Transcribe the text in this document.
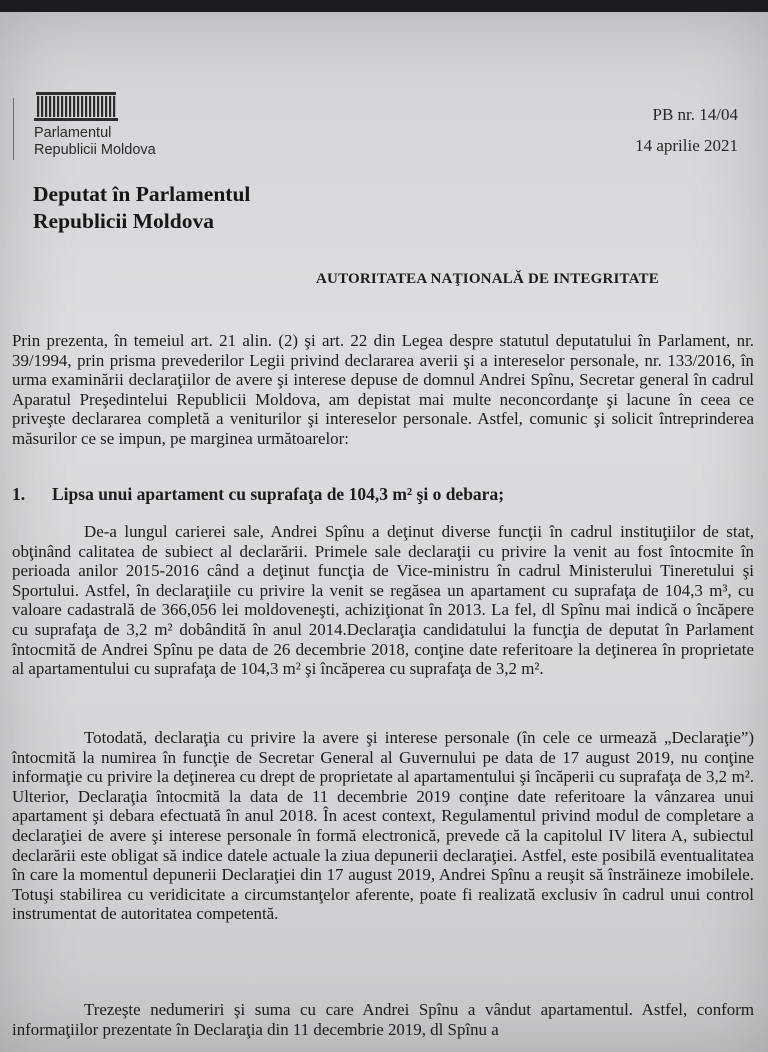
Parlamentul
Republicii Moldova
PB nr. 14/04
14 aprilie 2021
Deputat în Parlamentul
Republicii Moldova
AUTORITATEA NAŢIONALĂ DE INTEGRITATE

Prin prezenta, în temeiul art. 21 alin. (2) şi art. 22 din Legea despre statutul deputatului în Parlament, nr. 39/1994, prin prisma prevederilor Legii privind declararea averii şi a intereselor personale, nr. 133/2016, în urma examinării declaraţiilor de avere şi interese depuse de domnul Andrei Spînu, Secretar general în cadrul Aparatul Preşedintelui Republicii Moldova, am depistat mai multe neconcordanţe şi lacune în ceea ce priveşte declararea completă a veniturilor şi intereselor personale. Astfel, comunic şi solicit întreprinderea măsurilor ce se impun, pe marginea următoarelor:

1. Lipsa unui apartament cu suprafaţa de 104,3 m² şi o debara;

De-a lungul carierei sale, Andrei Spînu a deţinut diverse funcţii în cadrul instituţiilor de stat, obţinând calitatea de subiect al declarării. Primele sale declaraţii cu privire la venit au fost întocmite în perioada anilor 2015-2016 când a deţinut funcţia de Vice-ministru în cadrul Ministerului Tineretului şi Sportului. Astfel, în declaraţiile cu privire la venit se regăsea un apartament cu suprafaţa de 104,3 m³, cu valoare cadastrală de 366,056 lei moldoveneşti, achiziţionat în 2013. La fel, dl Spînu mai indică o încăpere cu suprafaţa de 3,2 m² dobândită în anul 2014.Declaraţia candidatului la funcţia de deputat în Parlament întocmită de Andrei Spînu pe data de 26 decembrie 2018, conţine date referitoare la deţinerea în proprietate al apartamentului cu suprafaţa de 104,3 m² şi încăperea cu suprafaţa de 3,2 m².

Totodată, declaraţia cu privire la avere şi interese personale (în cele ce urmează „Declaraţie”) întocmită la numirea în funcţie de Secretar General al Guvernului pe data de 17 august 2019, nu conţine informaţie cu privire la deţinerea cu drept de proprietate al apartamentului şi încăperii cu suprafaţa de 3,2 m². Ulterior, Declaraţia întocmită la data de 11 decembrie 2019 conţine date referitoare la vânzarea unui apartament şi debara efectuată în anul 2018. În acest context, Regulamentul privind modul de completare a declaraţiei de avere şi interese personale în formă electronică, prevede că la capitolul IV litera A, subiectul declarării este obligat să indice datele actuale la ziua depunerii declaraţiei. Astfel, este posibilă eventualitatea în care la momentul depunerii Declaraţiei din 17 august 2019, Andrei Spînu a reuşit să înstrăineze imobilele. Totuşi stabilirea cu veridicitate a circumstanţelor aferente, poate fi realizată exclusiv în cadrul unui control instrumentat de autoritatea competentă.

Trezeşte nedumeriri şi suma cu care Andrei Spînu a vândut apartamentul. Astfel, conform informaţiilor prezentate în Declaraţia din 11 decembrie 2019, dl Spînu a
